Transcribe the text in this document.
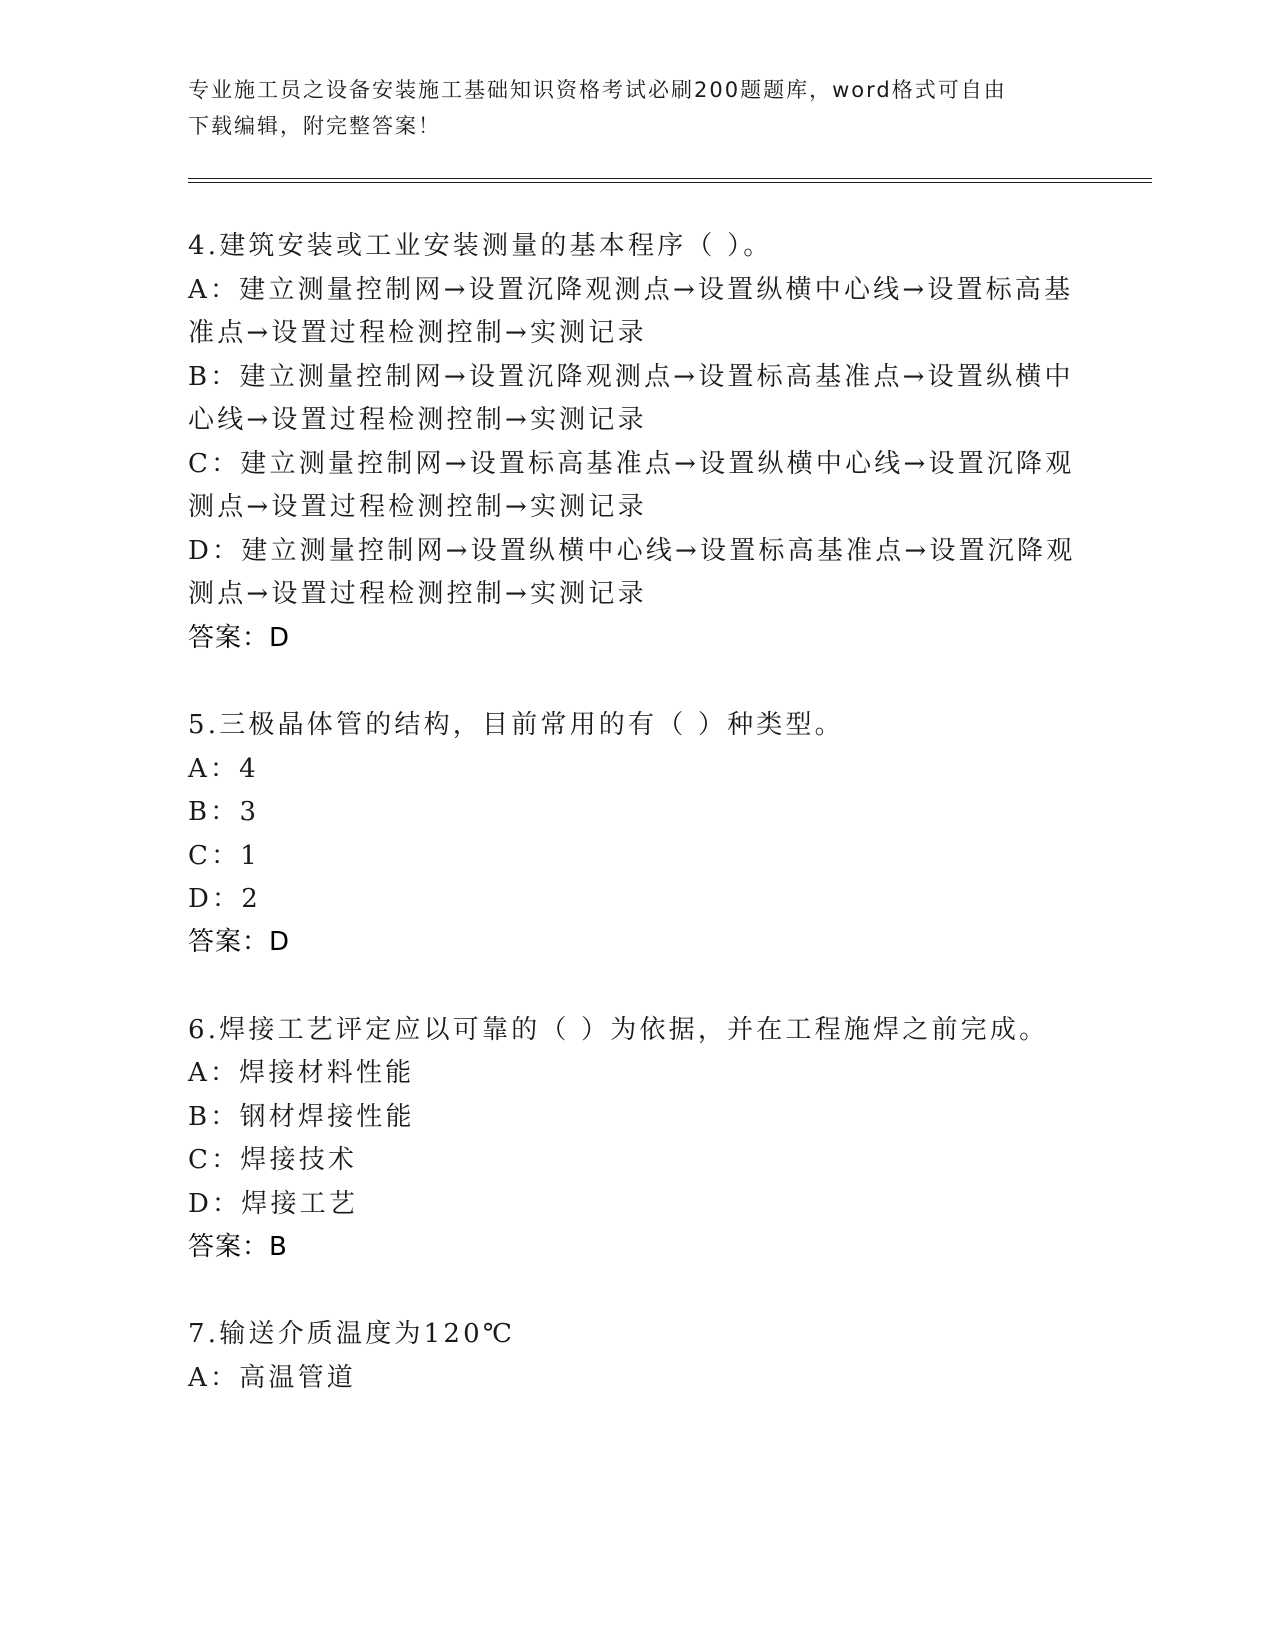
专业施工员之设备安装施工基础知识资格考试必刷200题题库，word格式可自由
下载编辑，附完整答案！
4.建筑安装或工业安装测量的基本程序（ ）。
A：建立测量控制网→设置沉降观测点→设置纵横中心线→设置标高基
准点→设置过程检测控制→实测记录
B：建立测量控制网→设置沉降观测点→设置标高基准点→设置纵横中
心线→设置过程检测控制→实测记录
C：建立测量控制网→设置标高基准点→设置纵横中心线→设置沉降观
测点→设置过程检测控制→实测记录
D：建立测量控制网→设置纵横中心线→设置标高基准点→设置沉降观
测点→设置过程检测控制→实测记录
答案：D
5.三极晶体管的结构，目前常用的有（ ）种类型。
A：4
B：3
C：1
D：2
答案：D
6.焊接工艺评定应以可靠的（ ）为依据，并在工程施焊之前完成。
A：焊接材料性能
B：钢材焊接性能
C：焊接技术
D：焊接工艺
答案：B
7.输送介质温度为120℃
A：高温管道
